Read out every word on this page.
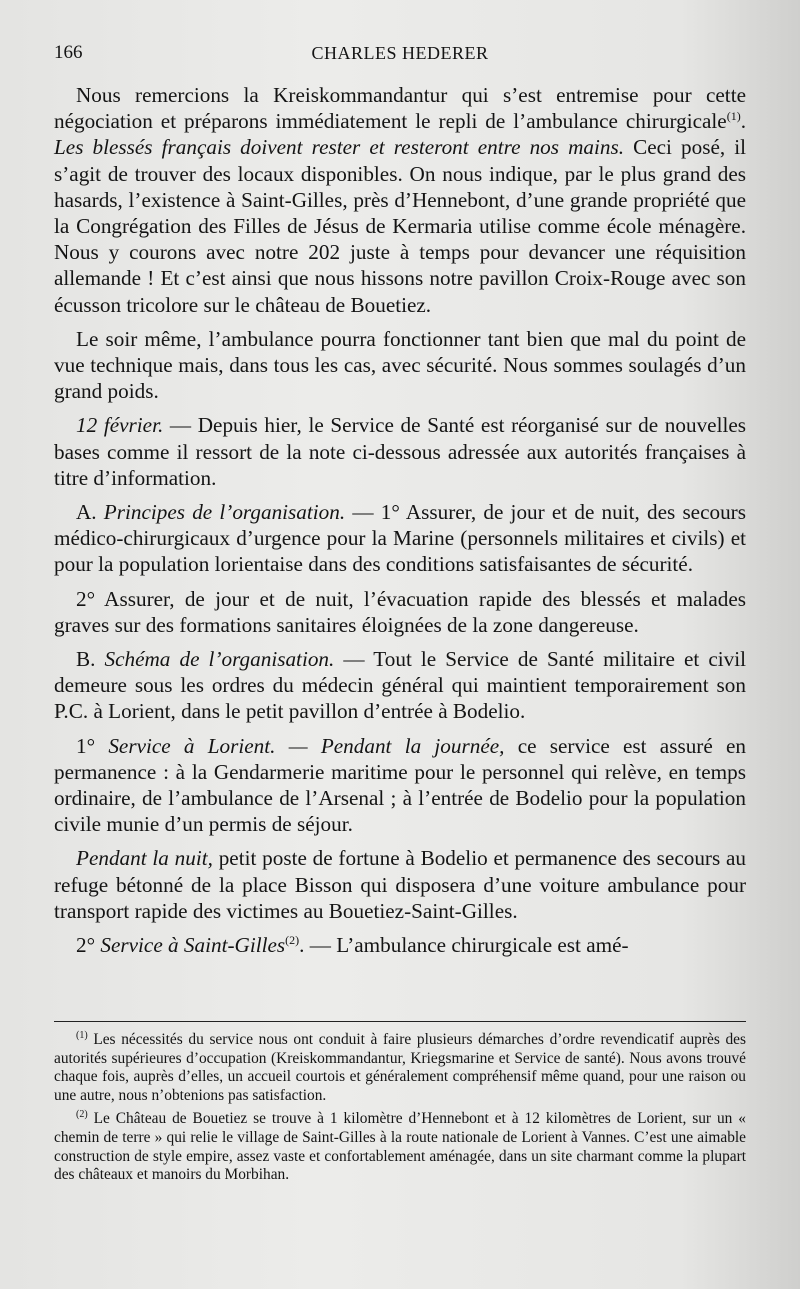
166	CHARLES HEDERER

Nous remercions la Kreiskommandantur qui s’est entremise pour cette négociation et préparons immédiatement le repli de l’ambulance chirurgicale$^{(1)}$. Les blessés français doivent rester et resteront entre nos mains. Ceci posé, il s’agit de trouver des locaux disponibles. On nous indique, par le plus grand des hasards, l’existence à Saint-Gilles, près d’Hennebont, d’une grande propriété que la Congrégation des Filles de Jésus de Kermaria utilise comme école ménagère. Nous y courons avec notre 202 juste à temps pour devancer une réquisition allemande ! Et c’est ainsi que nous hissons notre pavillon Croix-Rouge avec son écusson tricolore sur le château de Bouetiez.

Le soir même, l’ambulance pourra fonctionner tant bien que mal du point de vue technique mais, dans tous les cas, avec sécurité. Nous sommes soulagés d’un grand poids.

12 février. — Depuis hier, le Service de Santé est réorganisé sur de nouvelles bases comme il ressort de la note ci-dessous adressée aux autorités françaises à titre d’information.

A. Principes de l’organisation. — 1° Assurer, de jour et de nuit, des secours médico-chirurgicaux d’urgence pour la Marine (personnels militaires et civils) et pour la population lorientaise dans des conditions satisfaisantes de sécurité.

2° Assurer, de jour et de nuit, l’évacuation rapide des blessés et malades graves sur des formations sanitaires éloignées de la zone dangereuse.

B. Schéma de l’organisation. — Tout le Service de Santé militaire et civil demeure sous les ordres du médecin général qui maintient temporairement son P.C. à Lorient, dans le petit pavillon d’entrée à Bodelio.

1° Service à Lorient. — Pendant la journée, ce service est assuré en permanence : à la Gendarmerie maritime pour le personnel qui relève, en temps ordinaire, de l’ambulance de l’Arsenal ; à l’entrée de Bodelio pour la population civile munie d’un permis de séjour.

Pendant la nuit, petit poste de fortune à Bodelio et permanence des secours au refuge bétonné de la place Bisson qui disposera d’une voiture ambulance pour transport rapide des victimes au Bouetiez-Saint-Gilles.

2° Service à Saint-Gilles$^{(2)}$. — L’ambulance chirurgicale est amé-

$^{(1)}$ Les nécessités du service nous ont conduit à faire plusieurs démarches d’ordre revendicatif auprès des autorités supérieures d’occupation (Kreiskommandantur, Kriegsmarine et Service de santé). Nous avons trouvé chaque fois, auprès d’elles, un accueil courtois et généralement compréhensif même quand, pour une raison ou une autre, nous n’obtenions pas satisfaction.

$^{(2)}$ Le Château de Bouetiez se trouve à 1 kilomètre d’Hennebont et à 12 kilomètres de Lorient, sur un « chemin de terre » qui relie le village de Saint-Gilles à la route nationale de Lorient à Vannes. C’est une aimable construction de style empire, assez vaste et confortablement aménagée, dans un site charmant comme la plupart des châteaux et manoirs du Morbihan.
